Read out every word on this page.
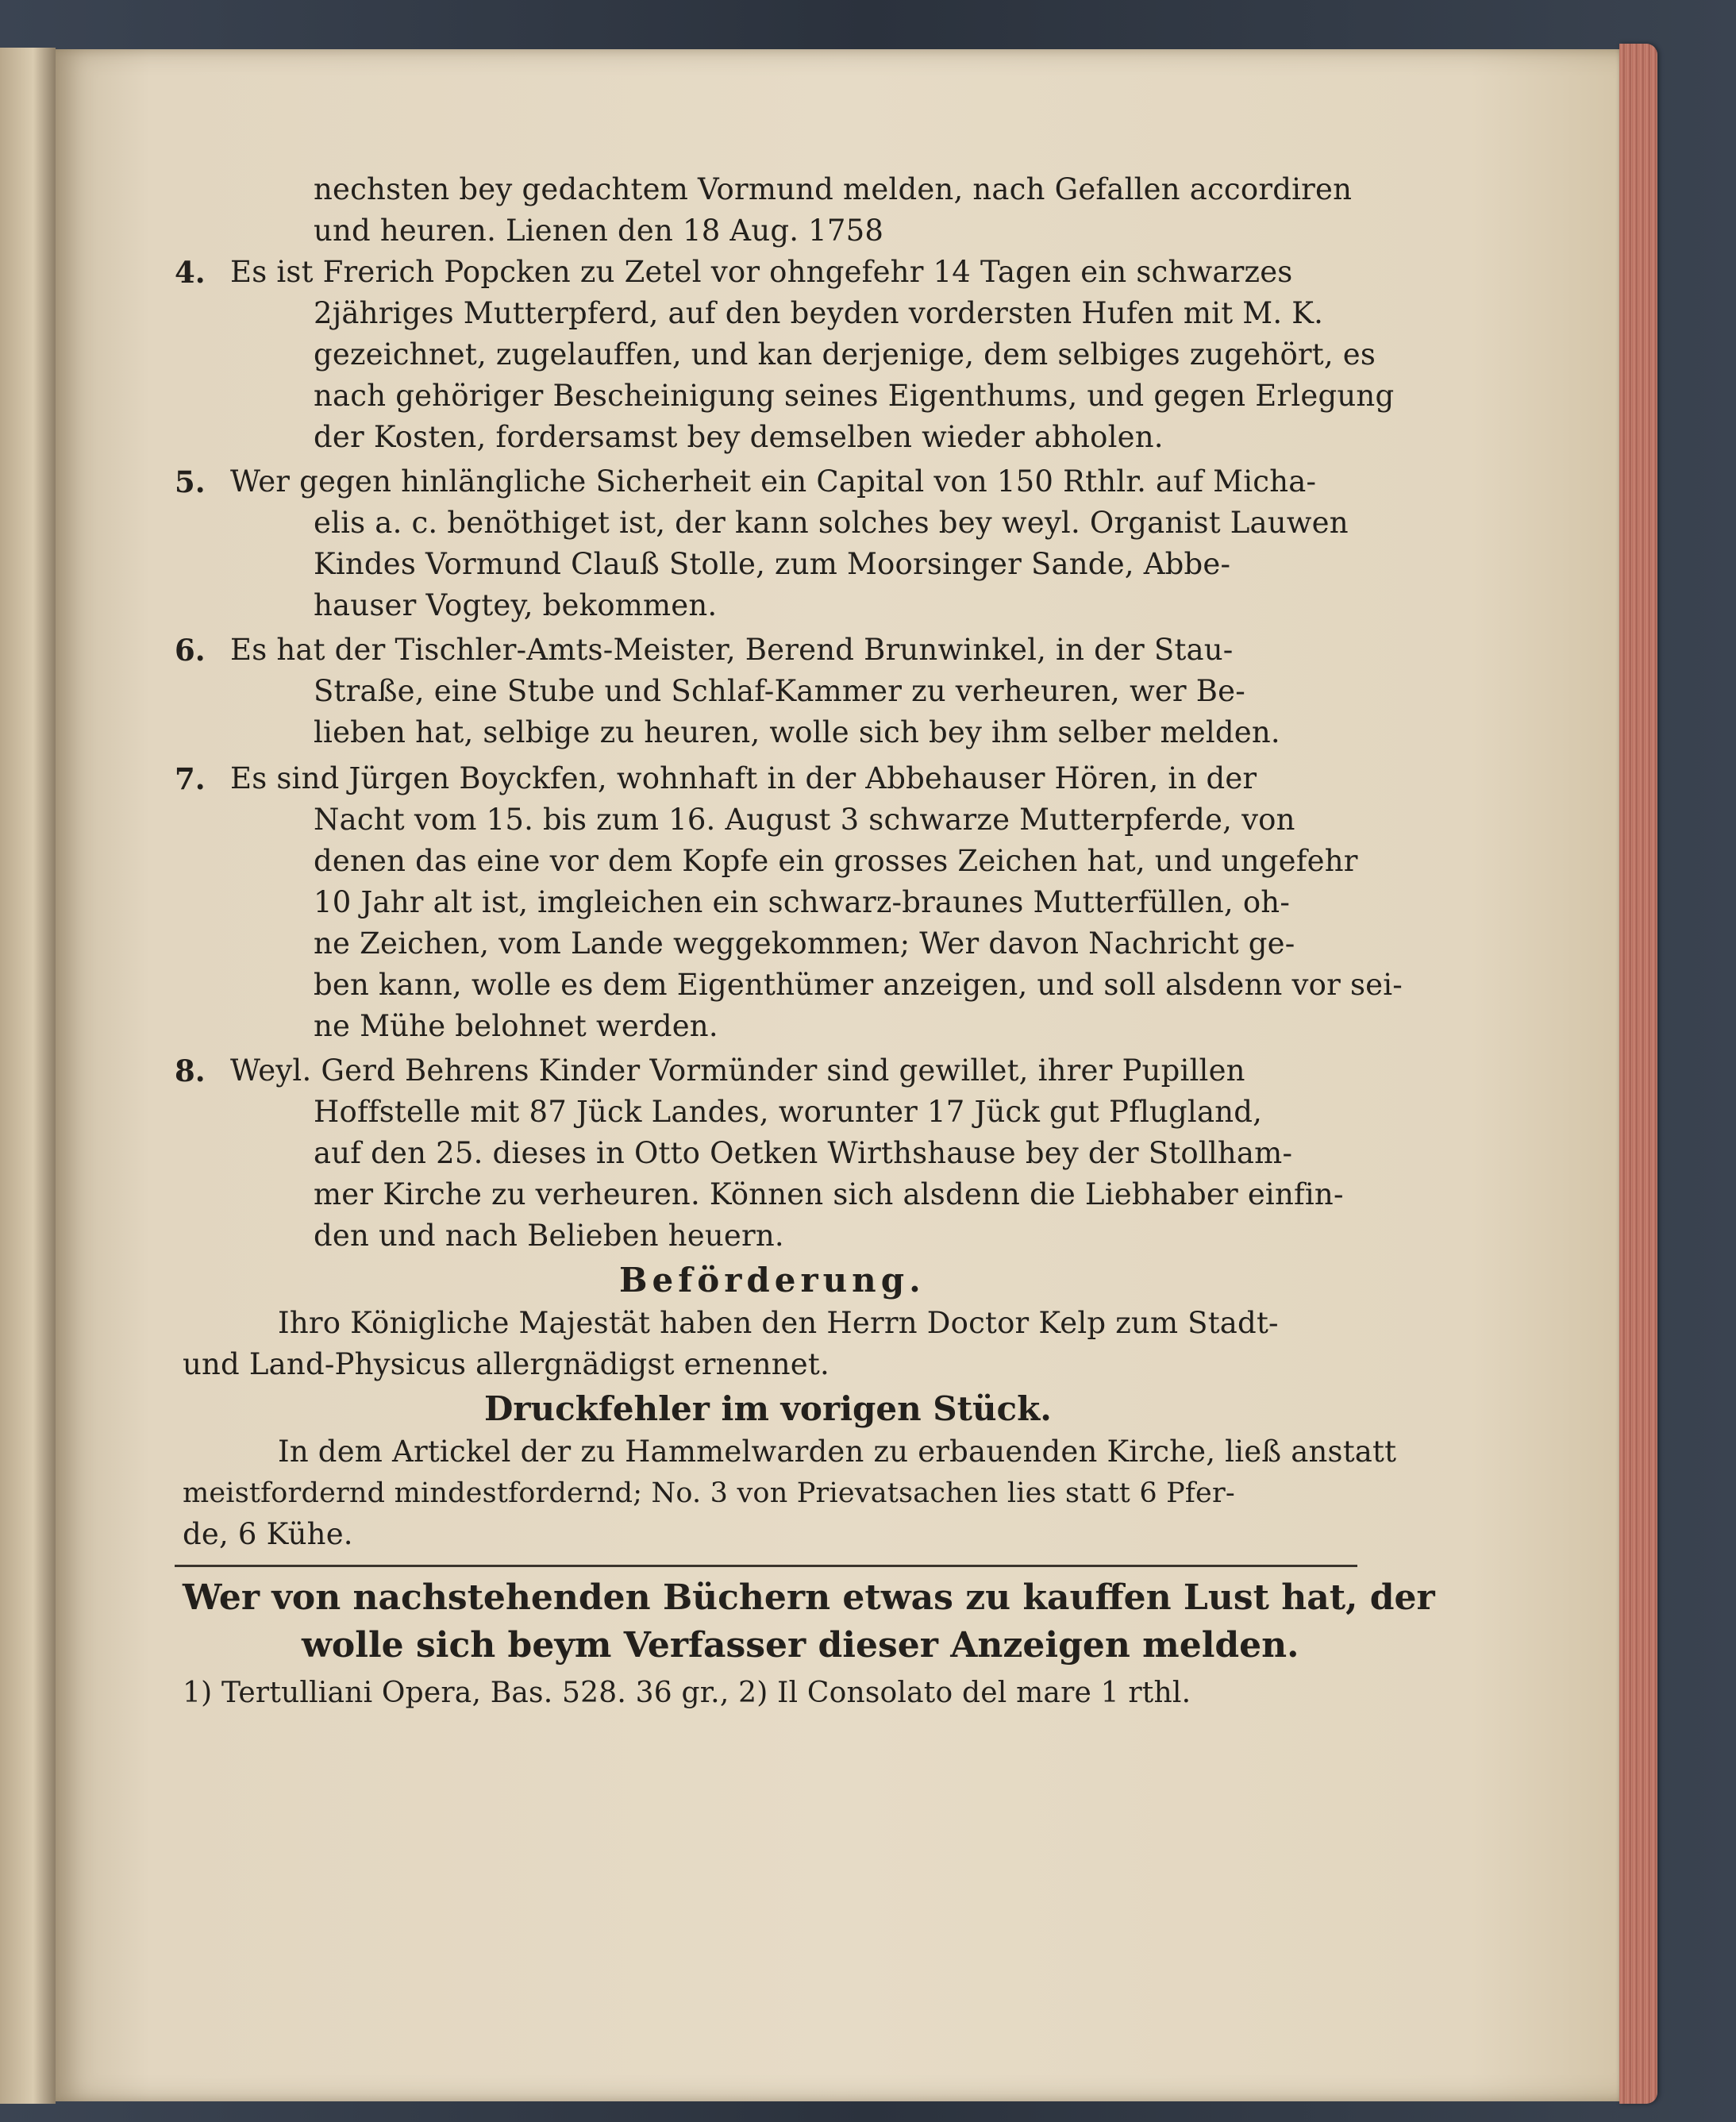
nechsten bey gedachtem Vormund melden, nach Gefallen accordiren
und heuren. Lienen den 18 Aug. 1758
4. Es ist Frerich Popcken zu Zetel vor ohngefehr 14 Tagen ein schwarzes
2jähriges Mutterpferd, auf den beyden vordersten Hufen mit M. K.
gezeichnet, zugelauffen, und kan derjenige, dem selbiges zugehört, es
nach gehöriger Bescheinigung seines Eigenthums, und gegen Erlegung
der Kosten, fordersamst bey demselben wieder abholen.
5. Wer gegen hinlängliche Sicherheit ein Capital von 150 Rthlr. auf Micha-
elis a. c. benöthiget ist, der kann solches bey weyl. Organist Lauwen
Kindes Vormund Clauß Stolle, zum Moorsinger Sande, Abbe-
hauser Vogtey, bekommen.
6. Es hat der Tischler-Amts-Meister, Berend Brunwinkel, in der Stau-
Straße, eine Stube und Schlaf-Kammer zu verheuren, wer Be-
lieben hat, selbige zu heuren, wolle sich bey ihm selber melden.
7. Es sind Jürgen Boyckfen, wohnhaft in der Abbehauser Hören, in der
Nacht vom 15. bis zum 16. August 3 schwarze Mutterpferde, von
denen das eine vor dem Kopfe ein grosses Zeichen hat, und ungefehr
10 Jahr alt ist, imgleichen ein schwarz-braunes Mutterfüllen, oh-
ne Zeichen, vom Lande weggekommen; Wer davon Nachricht ge-
ben kann, wolle es dem Eigenthümer anzeigen, und soll alsdenn vor sei-
ne Mühe belohnet werden.
8. Weyl. Gerd Behrens Kinder Vormünder sind gewillet, ihrer Pupillen
Hoffstelle mit 87 Jück Landes, worunter 17 Jück gut Pflugland,
auf den 25. dieses in Otto Oetken Wirthshause bey der Stollham-
mer Kirche zu verheuren. Können sich alsdenn die Liebhaber einfin-
den und nach Belieben heuern.
Beförderung.
Ihro Königliche Majestät haben den Herrn Doctor Kelp zum Stadt-
und Land-Physicus allergnädigst ernennet.
Druckfehler im vorigen Stück.
In dem Artickel der zu Hammelwarden zu erbauenden Kirche, ließ anstatt
meistfordernd mindestfordernd; No. 3 von Prievatsachen lies statt 6 Pfer-
de, 6 Kühe.
Wer von nachstehenden Büchern etwas zu kauffen Lust hat, der
wolle sich beym Verfasser dieser Anzeigen melden.
1) Tertulliani Opera, Bas. 528. 36 gr., 2) Il Consolato del mare 1 rthl.
